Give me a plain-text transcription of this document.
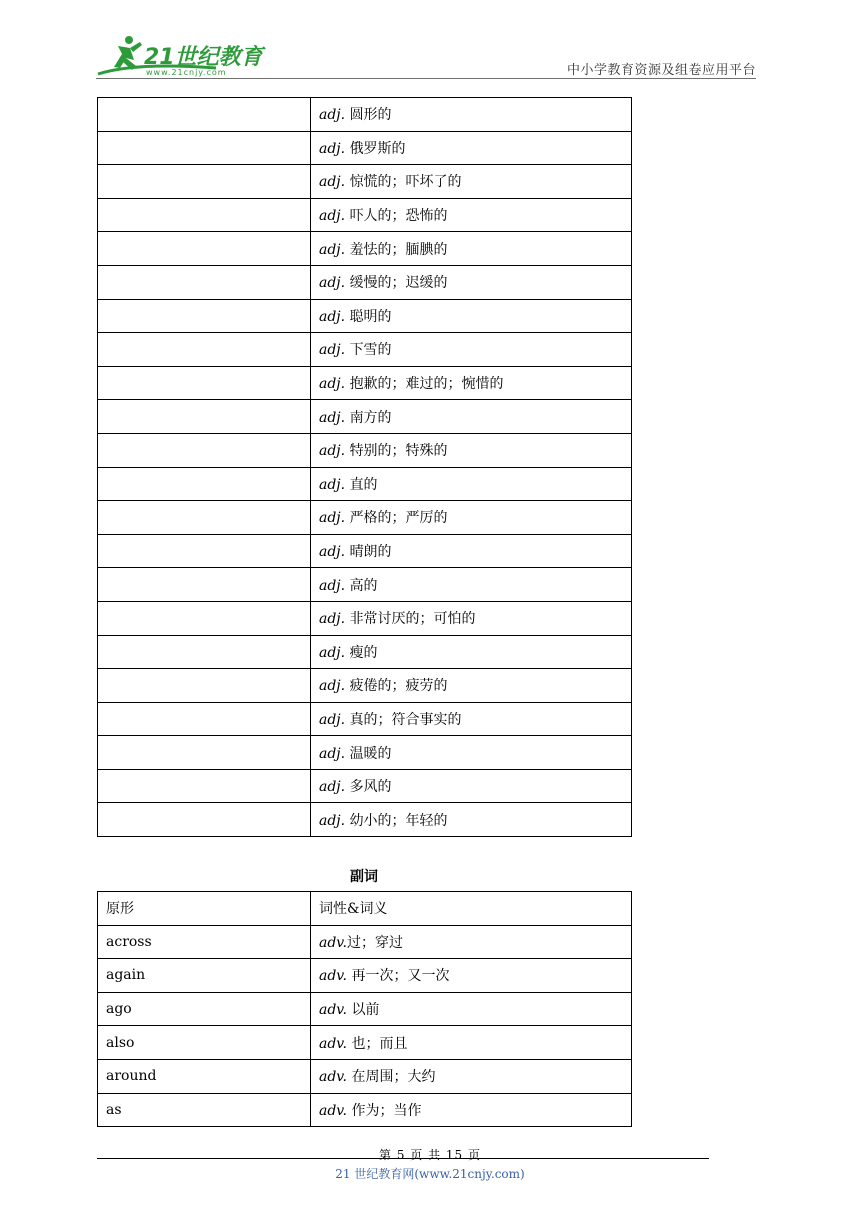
21世纪教育
www.21cnjy.com	中小学教育资源及组卷应用平台
	adj. 圆形的
	adj. 俄罗斯的
	adj. 惊慌的；吓坏了的
	adj. 吓人的；恐怖的
	adj. 羞怯的；腼腆的
	adj. 缓慢的；迟缓的
	adj. 聪明的
	adj. 下雪的
	adj. 抱歉的；难过的；惋惜的
	adj. 南方的
	adj. 特别的；特殊的
	adj. 直的
	adj. 严格的；严厉的
	adj. 晴朗的
	adj. 高的
	adj. 非常讨厌的；可怕的
	adj. 瘦的
	adj. 疲倦的；疲劳的
	adj. 真的；符合事实的
	adj. 温暖的
	adj. 多风的
	adj. 幼小的；年轻的
副词
原形	词性&词义
across	adv.过；穿过
again	adv. 再一次；又一次
ago	adv. 以前
also	adv. 也；而且
around	adv. 在周围；大约
as	adv. 作为；当作
第 5 页 共 15 页
21 世纪教育网(www.21cnjy.com)
